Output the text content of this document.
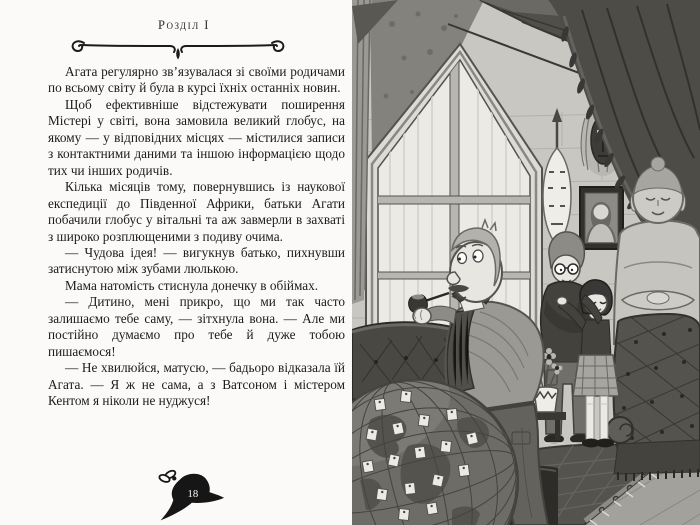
Розділ I

Агата регулярно зв’язувалася зі своїми родичами по всьому світу й була в курсі їхніх останніх новин.

Щоб ефективніше відстежувати поширення Містері у світі, вона замовила великий глобус, на якому — у відповідних місцях — містилися записи з контактними даними та іншою інформацією щодо тих чи інших родичів.

Кілька місяців тому, повернувшись із наукової експедиції до Південної Африки, батьки Агати побачили глобус у вітальні та аж завмерли в захваті з широко розплющеними з подиву очима.

— Чудова ідея! — вигукнув батько, пихнувши затиснутою між зубами люлькою.

Мама натомість стиснула донечку в обіймах.

— Дитино, мені прикро, що ми так часто залишаємо тебе саму, — зітхнула вона. — Але ми постійно думаємо про тебе й дуже тобою пишаємося!

— Не хвилюйся, матусю, — бадьоро відказала їй Агата. — Я ж не сама, а з Ватсоном і містером Кентом я ніколи не нуджуся!

18
